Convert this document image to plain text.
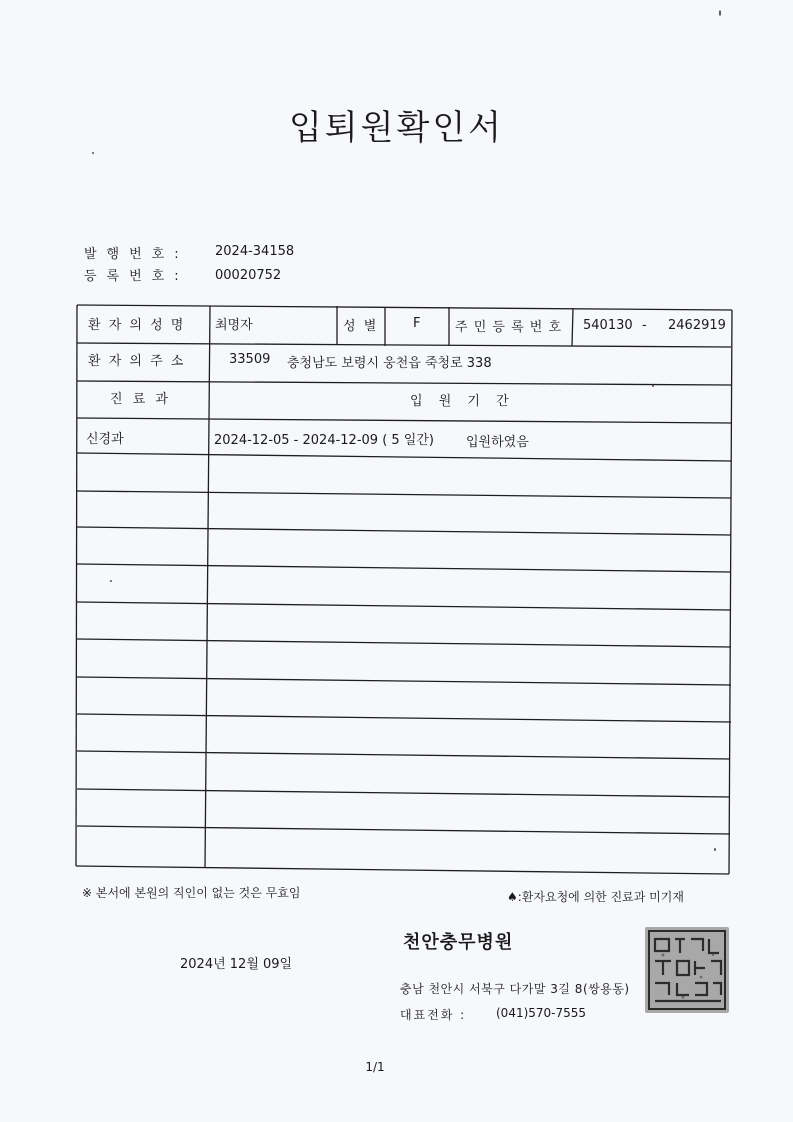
입퇴원확인서
발행번호: 2024-34158
등록번호: 00020752
환 자 의 성 명 최명자	성 별	F	주 민 등 록 번 호 540130 - 2462919
환 자 의 주 소	33509 충청남도 보령시 웅천읍 죽청로 338
진 료 과	입 원 기 간
신경과	2024-12-05 - 2024-12-09 ( 5 일간) 입원하였음
※ 본서에 본원의 직인이 없는 것은 무효임	♠:환자요청에 의한 진료과 미기재
천안충무병원
2024년 12월 09일
충남 천안시 서북구 다가말 3길 8(쌍용동)
대표전화 : (041)570-7555
1/1
